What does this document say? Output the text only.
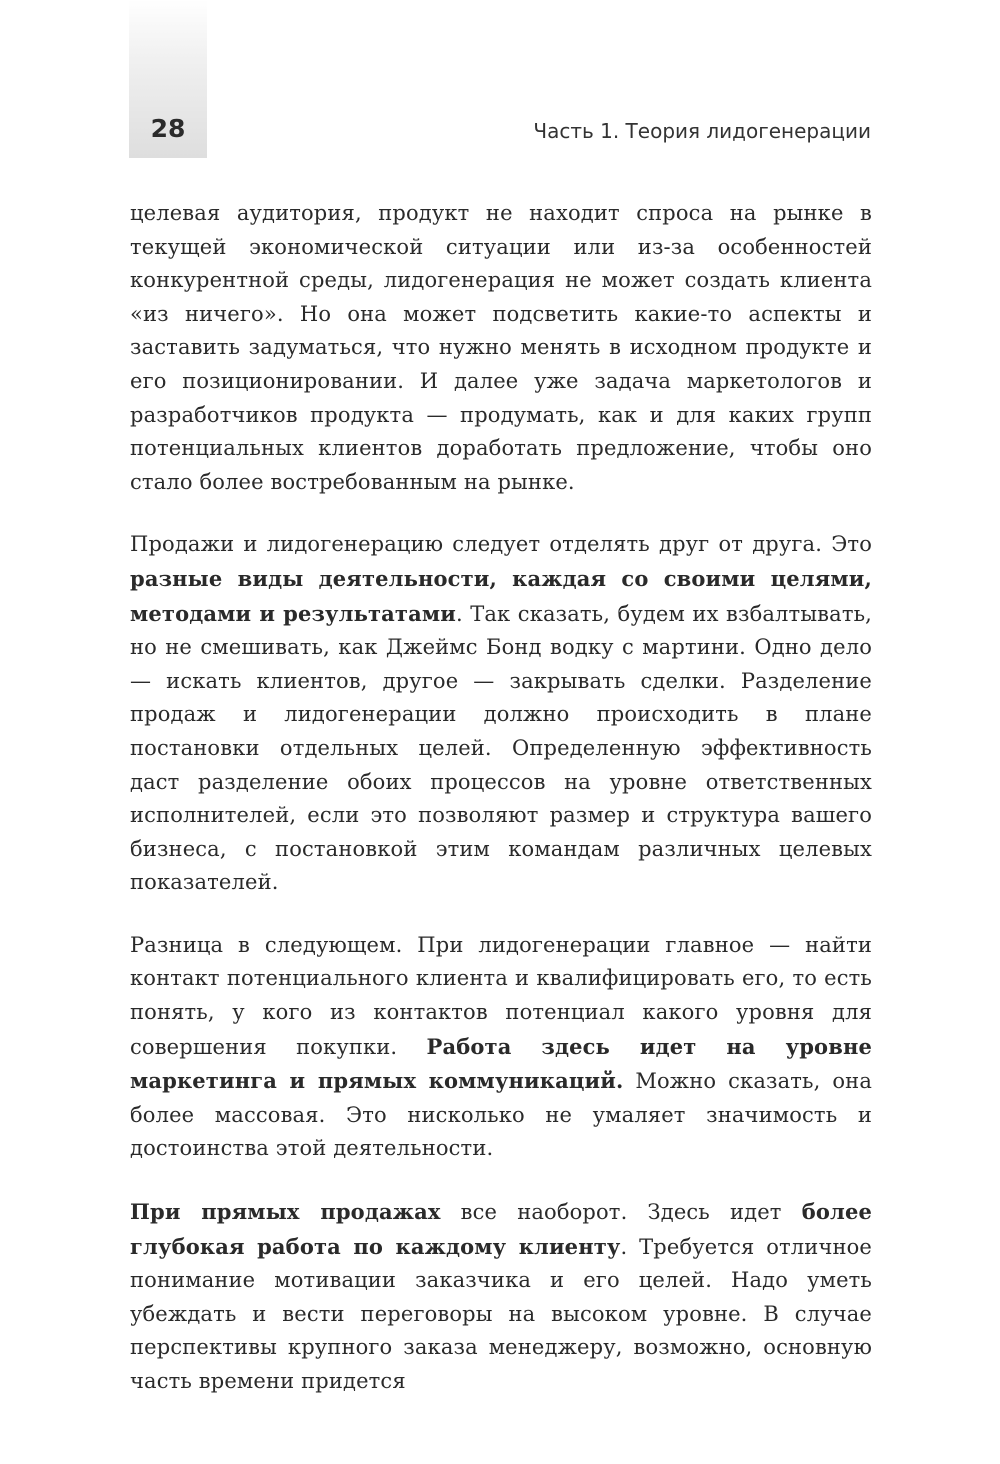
28	Часть 1. Теория лидогенерации

целевая аудитория, продукт не находит спроса на рынке в текущей экономической ситуации или из-за особенностей конкурентной среды, лидогенерация не может создать клиента «из ничего». Но она может подсветить какие-то аспекты и заставить задуматься, что нужно менять в исходном продукте и его позиционировании. И далее уже задача маркетологов и разработчиков продукта — продумать, как и для каких групп потенциальных клиентов доработать предложение, чтобы оно стало более востребованным на рынке.

Продажи и лидогенерацию следует отделять друг от друга. Это разные виды деятельности, каждая со своими целями, методами и результатами. Так сказать, будем их взбалтывать, но не смешивать, как Джеймс Бонд водку с мартини. Одно дело — искать клиентов, другое — закрывать сделки. Разделение продаж и лидогенерации должно происходить в плане постановки отдельных целей. Определенную эффективность даст разделение обоих процессов на уровне ответственных исполнителей, если это позволяют размер и структура вашего бизнеса, с постановкой этим командам различных целевых показателей.

Разница в следующем. При лидогенерации главное — найти контакт потенциального клиента и квалифицировать его, то есть понять, у кого из контактов потенциал какого уровня для совершения покупки. Работа здесь идет на уровне маркетинга и прямых коммуникаций. Можно сказать, она более массовая. Это нисколько не умаляет значимость и достоинства этой деятельности.

При прямых продажах все наоборот. Здесь идет более глубокая работа по каждому клиенту. Требуется отличное понимание мотивации заказчика и его целей. Надо уметь убеждать и вести переговоры на высоком уровне. В случае перспективы крупного заказа менеджеру, возможно, основную часть времени придется
